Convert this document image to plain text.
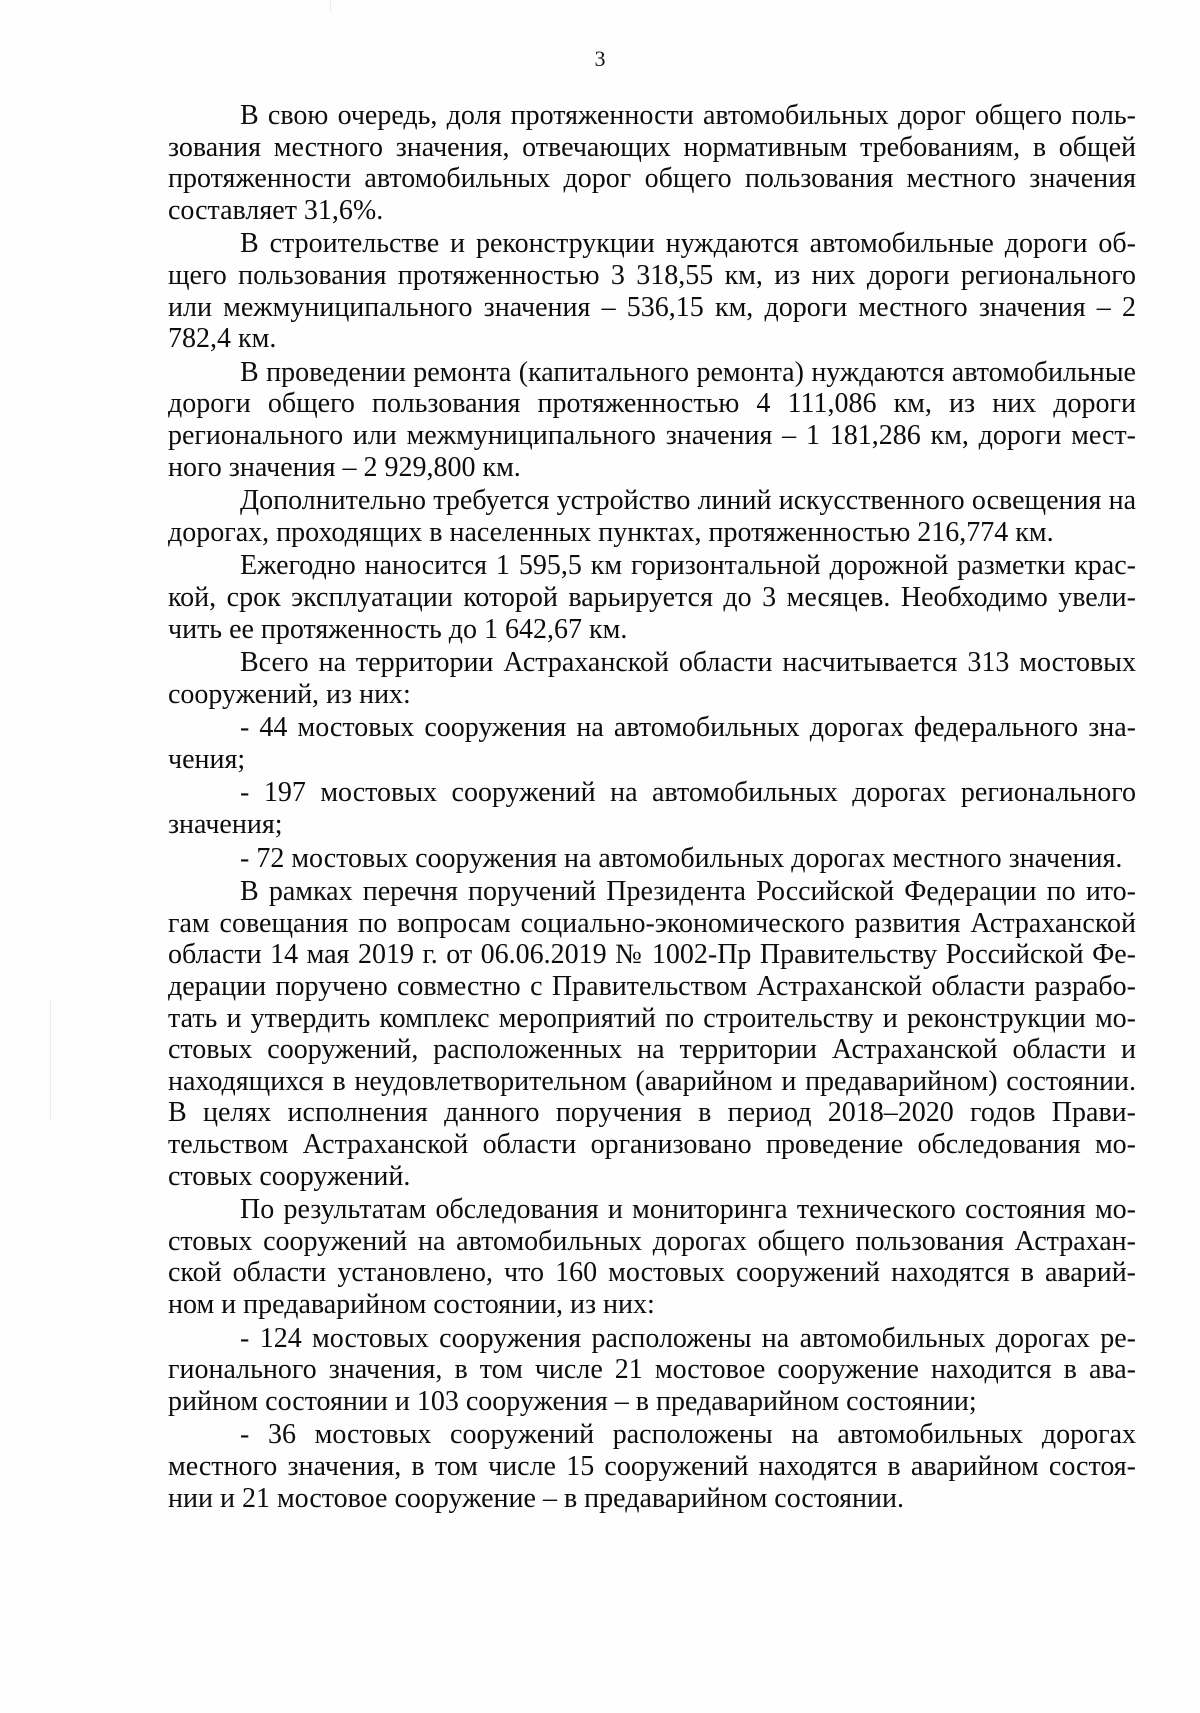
3

В свою очередь, доля протяженности автомобильных дорог общего пользования местного значения, отвечающих нормативным требованиям, в общей протяженности автомобильных дорог общего пользования местного значения составляет 31,6%.

В строительстве и реконструкции нуждаются автомобильные дороги общего пользования протяженностью 3 318,55 км, из них дороги регионального или межмуниципального значения – 536,15 км, дороги местного значения – 2 782,4 км.

В проведении ремонта (капитального ремонта) нуждаются автомобильные дороги общего пользования протяженностью 4 111,086 км, из них дороги регионального или межмуниципального значения – 1 181,286 км, дороги местного значения – 2 929,800 км.

Дополнительно требуется устройство линий искусственного освещения на дорогах, проходящих в населенных пунктах, протяженностью 216,774 км.

Ежегодно наносится 1 595,5 км горизонтальной дорожной разметки краской, срок эксплуатации которой варьируется до 3 месяцев. Необходимо увеличить ее протяженность до 1 642,67 км.

Всего на территории Астраханской области насчитывается 313 мостовых сооружений, из них:

- 44 мостовых сооружения на автомобильных дорогах федерального значения;

- 197 мостовых сооружений на автомобильных дорогах регионального значения;

- 72 мостовых сооружения на автомобильных дорогах местного значения.

В рамках перечня поручений Президента Российской Федерации по итогам совещания по вопросам социально-экономического развития Астраханской области 14 мая 2019 г. от 06.06.2019 № 1002-Пр Правительству Российской Федерации поручено совместно с Правительством Астраханской области разработать и утвердить комплекс мероприятий по строительству и реконструкции мостовых сооружений, расположенных на территории Астраханской области и находящихся в неудовлетворительном (аварийном и предаварийном) состоянии. В целях исполнения данного поручения в период 2018–2020 годов Правительством Астраханской области организовано проведение обследования мостовых сооружений.

По результатам обследования и мониторинга технического состояния мостовых сооружений на автомобильных дорогах общего пользования Астраханской области установлено, что 160 мостовых сооружений находятся в аварийном и предаварийном состоянии, из них:

- 124 мостовых сооружения расположены на автомобильных дорогах регионального значения, в том числе 21 мостовое сооружение находится в аварийном состоянии и 103 сооружения – в предаварийном состоянии;

- 36 мостовых сооружений расположены на автомобильных дорогах местного значения, в том числе 15 сооружений находятся в аварийном состоянии и 21 мостовое сооружение – в предаварийном состоянии.
